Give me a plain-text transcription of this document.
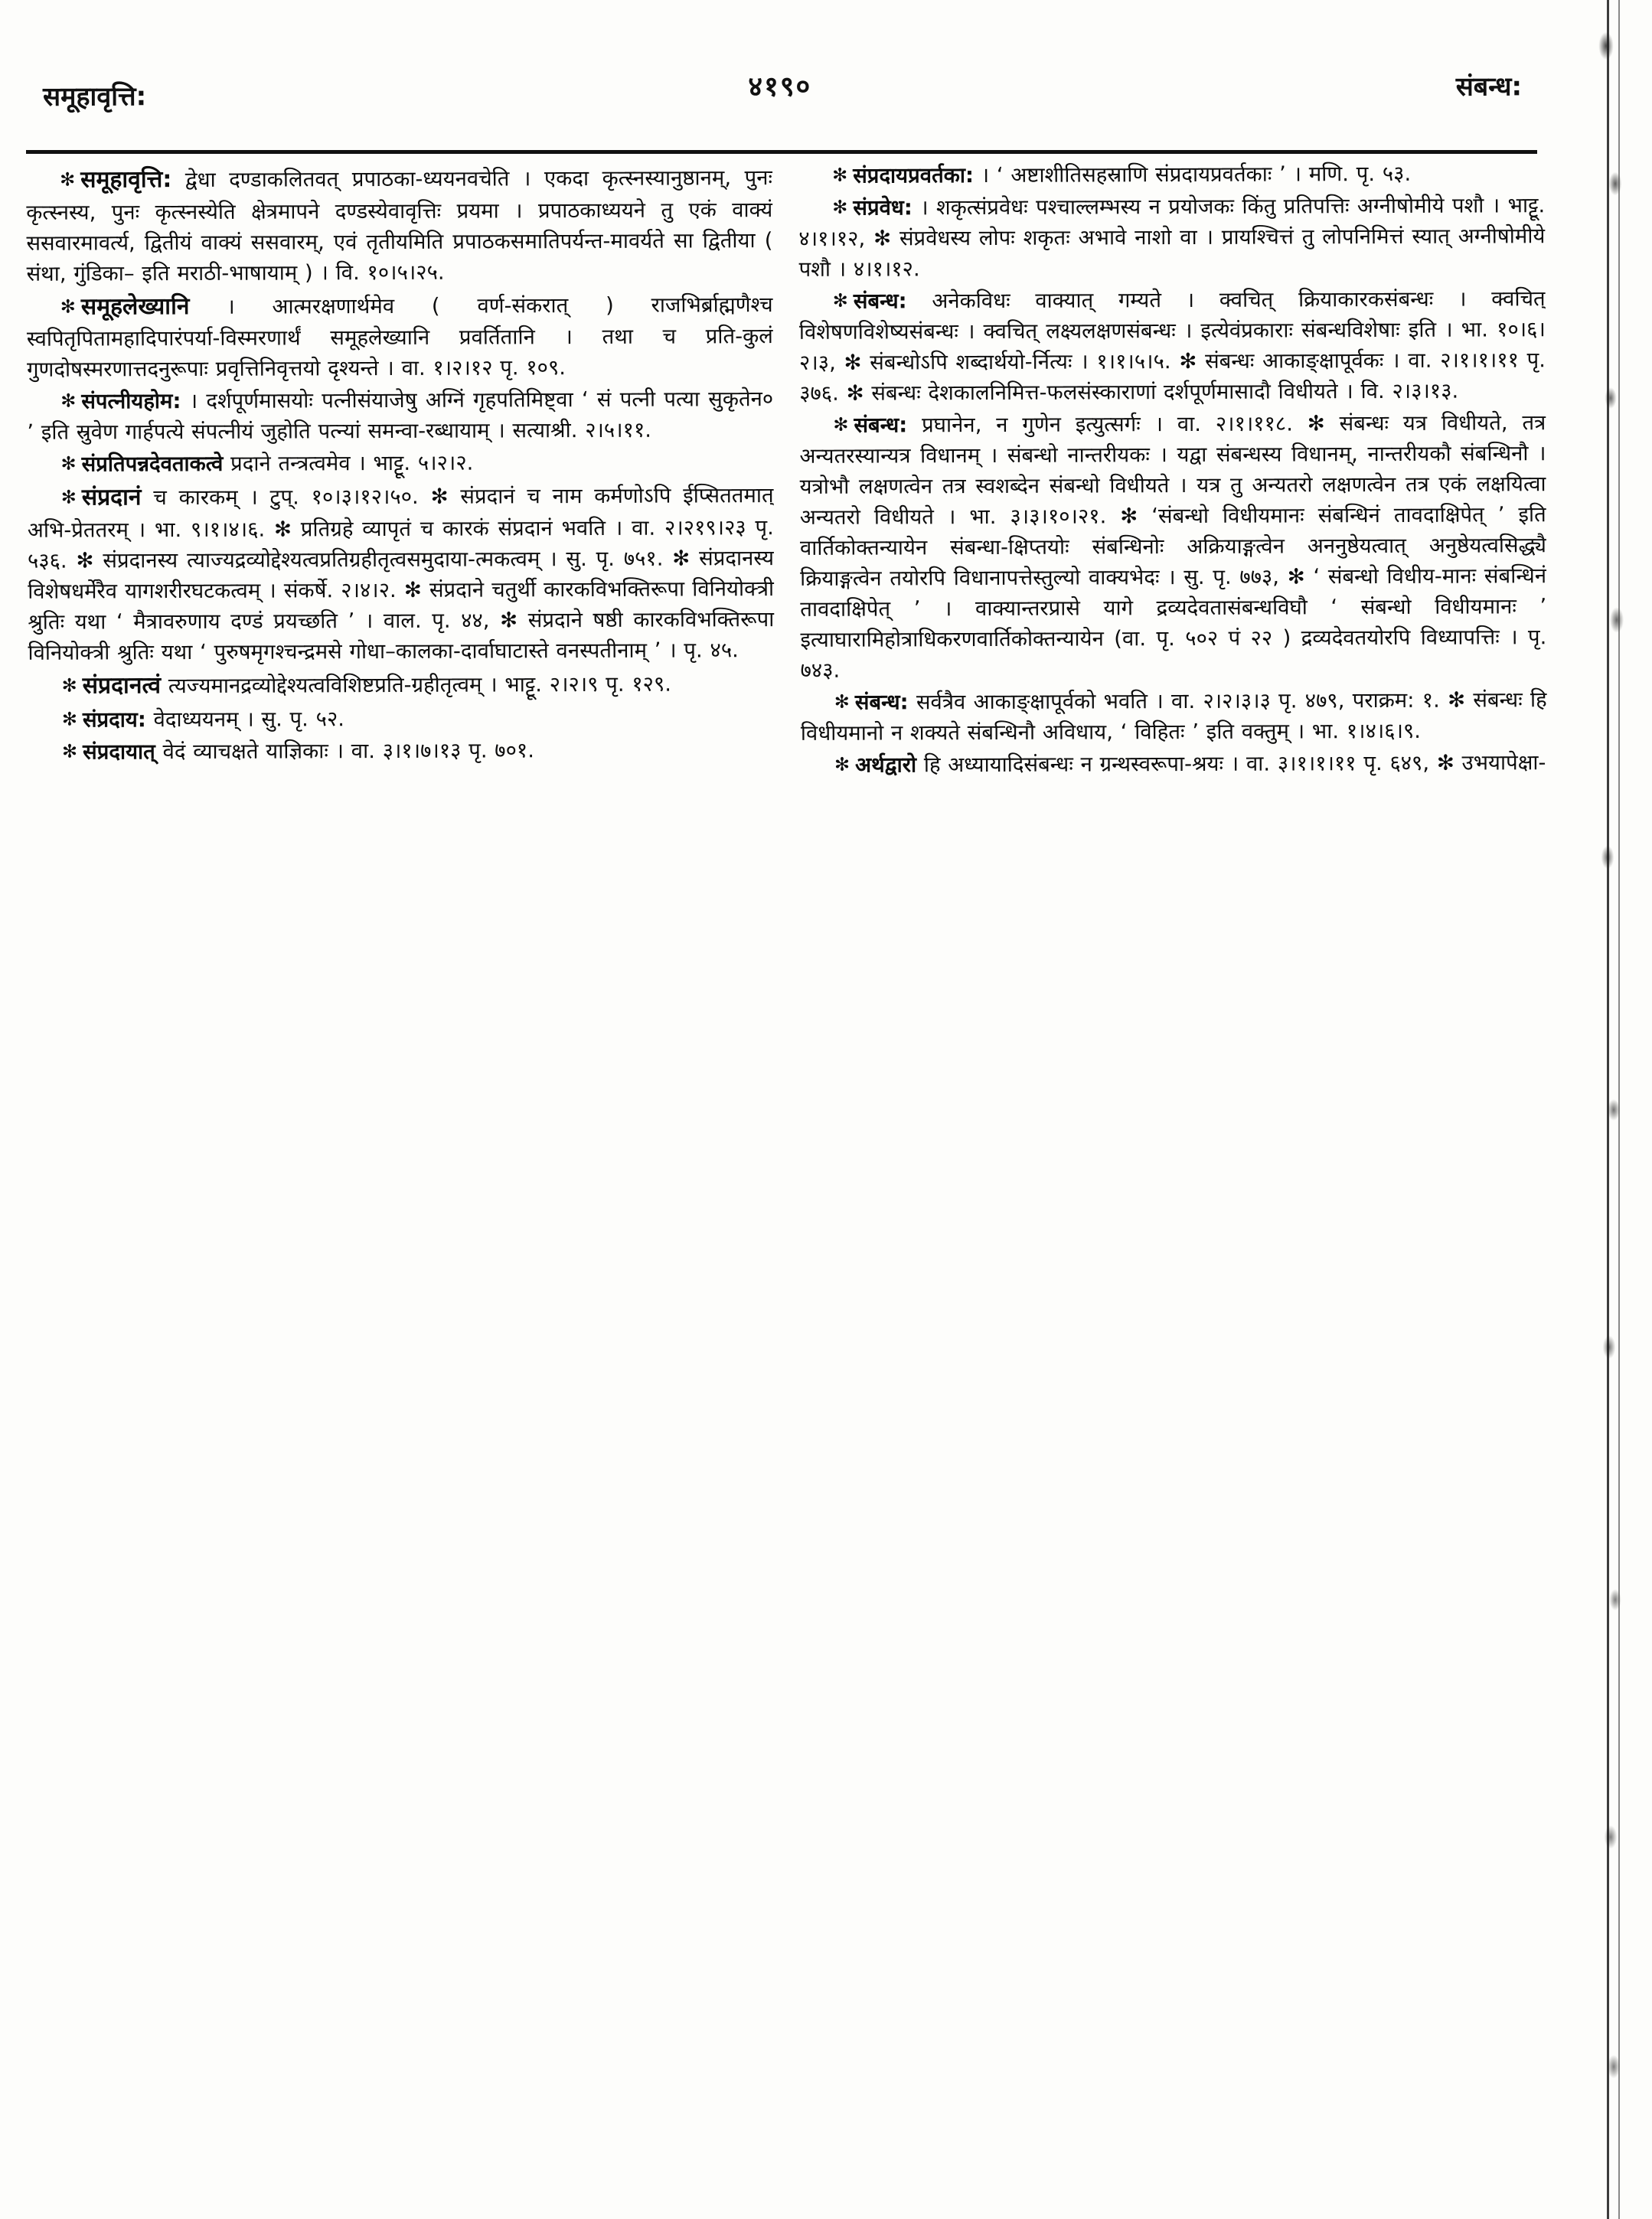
समूहावृत्ति:	४१९०	संबन्ध:

✻ समूहावृत्ति: द्वेधा दण्डाकलितवत् प्रपाठका‑ध्ययनवचेति । एकदा कृत्स्नस्यानुष्ठानम्, पुनः कृत्स्नस्य, पुनः कृत्स्नस्येति क्षेत्रमापने दण्डस्येवावृत्तिः प्रयमा । प्रपाठकाध्ययने तु एकं वाक्यं ससवारमावर्त्य, द्वितीयं वाक्यं ससवारम्, एवं तृतीयमिति प्रपाठकसमातिपर्यन्त‑मावर्यते सा द्वितीया ( संथा, गुंडिका– इति मराठी‑भाषायाम् ) । वि. १०।५।२५.

✻ समूहलेख्यानि । आत्मरक्षणार्थमेव ( वर्ण‑संकरात् ) राजभिर्ब्राह्मणैश्च स्वपितृपितामहादिपारंपर्या‑विस्मरणार्थं समूहलेख्यानि प्रवर्तितानि । तथा च प्रति‑कुलं गुणदोषस्मरणात्तदनुरूपाः प्रवृत्तिनिवृत्तयो दृश्यन्ते । वा. १।२।१२ पृ. १०९.

✻ संपत्नीयहोम: । दर्शपूर्णमासयोः पत्नीसंयाजेषु अग्निं गृहपतिमिष्ट्वा ‘ सं पत्नी पत्या सुकृतेन० ’ इति स्रुवेण गार्हपत्ये संपत्नीयं जुहोति पत्न्यां समन्वा‑रब्धायाम् । सत्याश्री. २।५।११.

✻ संप्रतिपन्नदेवताकत्वे प्रदाने तन्त्रत्वमेव । भाट्टू. ५।२।२.

✻ संप्रदानं च कारकम् । टुप्. १०।३।१२।५०. ✻ संप्रदानं च नाम कर्मणोऽपि ईप्सिततमात् अभि‑प्रेततरम् । भा. ९।१।४।६. ✻ प्रतिग्रहे व्यापृतं च कारकं संप्रदानं भवति । वा. २।२१९।२३ पृ. ५३६. ✻ संप्रदानस्य त्याज्यद्रव्योद्देश्यत्वप्रतिग्रहीतृत्वसमुदाया‑त्मकत्वम् । सु. पृ. ७५१. ✻ संप्रदानस्य विशेषधर्मेरैव यागशरीरघटकत्वम् । संकर्षे. २।४।२. ✻ संप्रदाने चतुर्थी कारकविभक्तिरूपा विनियोक्त्री श्रुतिः यथा ‘ मैत्रावरुणाय दण्डं प्रयच्छति ’ । वाल. पृ. ४४, ✻ संप्रदाने षष्ठी कारकविभक्तिरूपा विनियोक्त्री श्रुतिः यथा ‘ पुरुषमृगश्चन्द्रमसे गोधा–कालका‑दार्वाघाटास्ते वनस्पतीनाम् ’ । पृ. ४५.

✻ संप्रदानत्वं त्यज्यमानद्रव्योद्देश्यत्वविशिष्टप्रति‑ग्रहीतृत्वम् । भाट्टू. २।२।९ पृ. १२९.

✻ संप्रदाय: वेदाध्ययनम् । सु. पृ. ५२.

✻ संप्रदायात् वेदं व्याचक्षते याज्ञिकाः । वा. ३।१।७।१३ पृ. ७०१.

✻ संप्रदायप्रवर्तका: । ‘ अष्टाशीतिसहस्राणि संप्रदायप्रवर्तकाः ’ । मणि. पृ. ५३.

✻ संप्रवेध: । शकृत्संप्रवेधः पश्चाल्लम्भस्य न प्रयोजकः किंतु प्रतिपत्तिः अग्नीषोमीये पशौ । भाट्टू. ४।१।१२, ✻ संप्रवेधस्य लोपः शकृतः अभावे नाशो वा । प्रायश्चित्तं तु लोपनिमित्तं स्यात् अग्नीषोमीये पशौ । ४।१।१२.

✻ संबन्ध: अनेकविधः वाक्यात् गम्यते । क्वचित् क्रियाकारकसंबन्धः । क्वचित् विशेषणविशेष्यसंबन्धः । क्वचित् लक्ष्यलक्षणसंबन्धः । इत्येवंप्रकाराः संबन्धविशेषाः इति । भा. १०।६।२।३, ✻ संबन्धोऽपि शब्दार्थयो‑र्नित्यः । १।१।५।५. ✻ संबन्धः आकाङ्क्षापूर्वकः । वा. २।१।१।११ पृ. ३७६. ✻ संबन्धः देशकालनिमित्त‑फलसंस्काराणां दर्शपूर्णमासादौ विधीयते । वि. २।३।१३.

✻ संबन्ध: प्रघानेन, न गुणेन इत्युत्सर्गः । वा. २।१।११८. ✻ संबन्धः यत्र विधीयते, तत्र अन्यतरस्यान्यत्र विधानम् । संबन्धो नान्तरीयकः । यद्वा संबन्धस्य विधानम्, नान्तरीयकौ संबन्धिनौ । यत्रोभौ लक्षणत्वेन तत्र स्वशब्देन संबन्धो विधीयते । यत्र तु अन्यतरो लक्षणत्वेन तत्र एकं लक्षयित्वा अन्यतरो विधीयते । भा. ३।३।१०।२१. ✻ ‘संबन्धो विधीयमानः संबन्धिनं तावदाक्षिपेत् ’ इति वार्तिकोक्तन्यायेन संबन्धा‑क्षिप्तयोः संबन्धिनोः अक्रियाङ्गत्वेन अननुष्ठेयत्वात् अनुष्ठेयत्वसिद्ध्यै क्रियाङ्गत्वेन तयोरपि विधानापत्तेस्तुल्यो वाक्यभेदः । सु. पृ. ७७३, ✻ ‘ संबन्धो विधीय‑मानः संबन्धिनं तावदाक्षिपेत् ’ । वाक्यान्तरप्रासे यागे द्रव्यदेवतासंबन्धविघौ ‘ संबन्धो विधीयमानः ’ इत्याघारामिहोत्राधिकरणवार्तिकोक्तन्यायेन (वा. पृ. ५०२ पं २२ ) द्रव्यदेवतयोरपि विध्यापत्तिः । पृ. ७४३.

✻ संबन्ध: सर्वत्रैव आकाङ्क्षापूर्वको भवति । वा. २।२।३।३ पृ. ४७९, पराक्रम: १. ✻ संबन्धः हि विधीयमानो न शक्यते संबन्धिनौ अविधाय, ‘ विहितः ’ इति वक्तुम् । भा. १।४।६।९.

✻ अर्थद्वारो हि अध्यायादिसंबन्धः न ग्रन्थस्वरूपा‑श्रयः । वा. ३।१।१।११ पृ. ६४९, ✻ उभयापेक्षा‑
